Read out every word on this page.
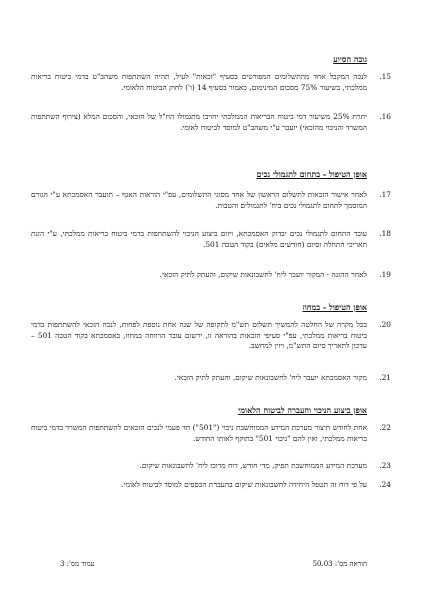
גובה הסיוע
15.
לנכה המקבל אחד מהתשלומים המפורטים בסעיף "זכאות" לעיל, תהיה השתתפות משהב"ט בדמי ביטוח בריאות ממלכתי, בשיעור 75% מסכום המינימום, כאמור בסעיף 14 (ו') לחוק הביטוח הלאומי.
16.
יתרת 25% משיעור דמי ביטוח הבריאות הממלכתי יחויבו מתגמולו הח"ל של הזכאי, והסכום המלא (צירוף השתתפות המשרד והניכוי מהזכאי) יועבר ע"י משהב"ט למוסד לביטוח לאומי.
אופן הטיפול - בתחום לתגמולי נכים
17.
לאחר אישור הזכאות לתשלום הראשון של אחד מסוגי התשלומים, עפ"י הוראות האגף – תועבר האסמכתא ע"י הגורם המוסמך לתחום לתגמולי נכים ביח' לתגמולים והטבות.
18.
עובד התחום לתגמולי נכים יבדוק האסמכתא, ויזום ביצוע הניכוי להשתתפות בדמי ביטוח בריאות ממלכתי, ע"י הזנת תאריכי התחלה וסיום (חודשים מלאים) בקוד הטבה 501.
19.
לאחר ההזנה - המקור יועבר ליח' לחשבונאות שיקום, והעתק לתיק הזכאי.
אופן הטיפול - במחוז
20.
בכל מקרה של החלטה להמשיך תשלום תש"מ לתקופה של שנה אחת נוספת לפחות, לנכה הזכאי להשתתפות בדמי ביטוח בריאות ממלכתי, עפ"י סעיפי הזכאות בהוראה זו, ירשום עובד הרווחה במחוז, באסמכתא בקוד הטבה 501 – עדכון לתאריך סיום התש"מ, ויזין למחשב.
21.
מקור האסמכתא יועבר ליח' לחשבונאות שיקום, והעתק לתיק הזכאי.
אופן ביצוע הניכוי והעברה לביטוח הלאומי
22.
אחת לחודש תיצור מערכת המידע הממוחשבת ניכוי ("501") חד פעמי לנכים הזכאים להשתתפות המשרד בדמי ביטוח בריאות ממלכתי, ואין להם "ניכוי 501" בתוקף לאותו החודש.
23.
מערכת המידע הממוחשבת תפיק, מדי חודש, דוח מרוכז ליח' לחשבונאות שיקום.
24.
על פי דוח זה תטפל היחידה לחשבונאות שיקום בהעברת הכספים למוסד לביטוח לאומי.
הוראה מס': 50.03
עמוד מס': 3
